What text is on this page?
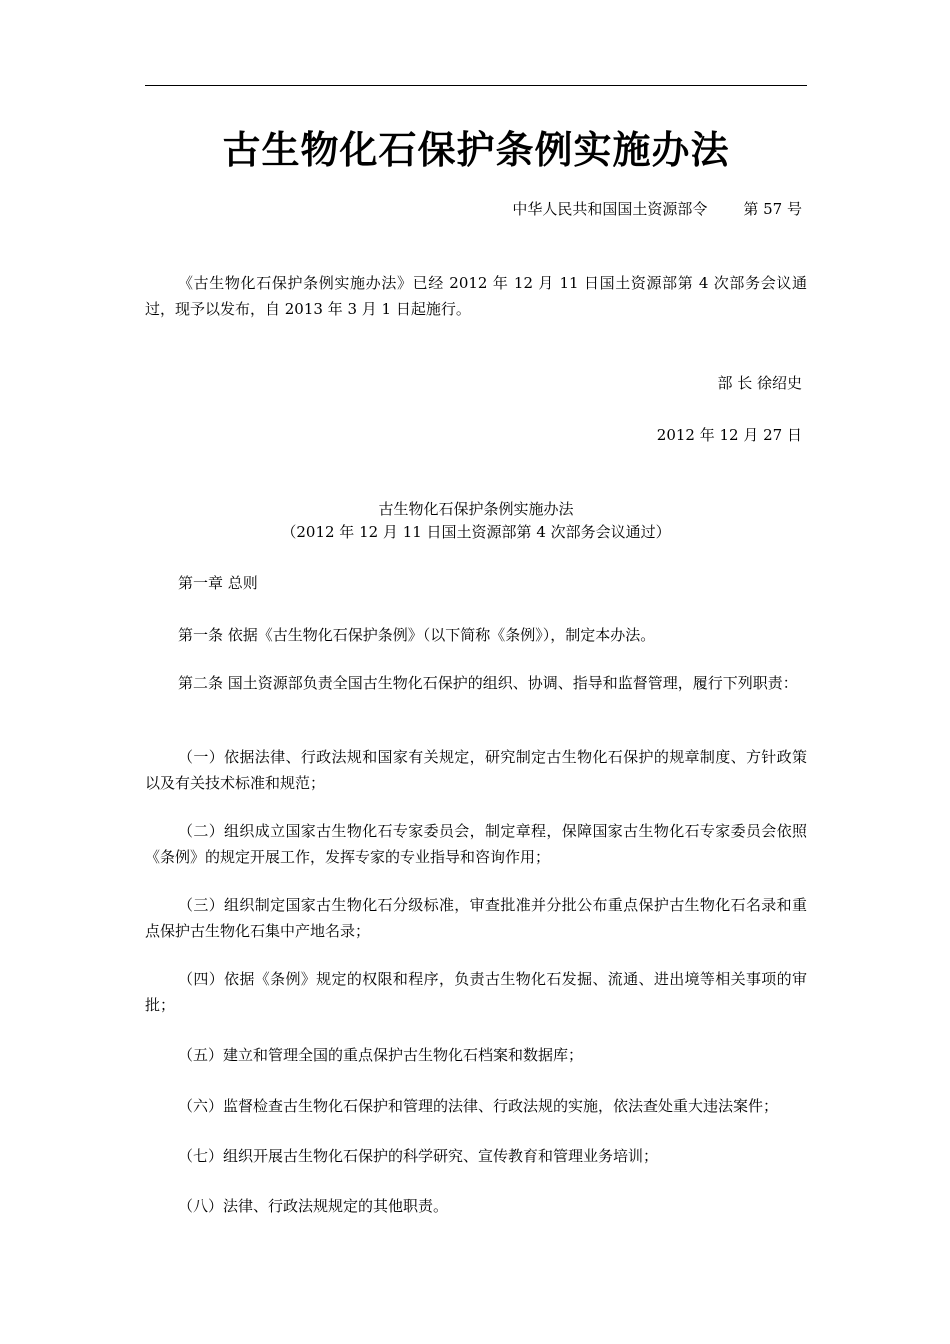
古生物化石保护条例实施办法
中华人民共和国国土资源部令 第 57 号
《古生物化石保护条例实施办法》已经 2012 年 12 月 11 日国土资源部第 4 次部务会议通过，现予以发布，自 2013 年 3 月 1 日起施行。
部 长 徐绍史
2012 年 12 月 27 日
古生物化石保护条例实施办法
（2012 年 12 月 11 日国土资源部第 4 次部务会议通过）
第一章 总则
第一条 依据《古生物化石保护条例》（以下简称《条例》），制定本办法。
第二条 国土资源部负责全国古生物化石保护的组织、协调、指导和监督管理，履行下列职责：
（一）依据法律、行政法规和国家有关规定，研究制定古生物化石保护的规章制度、方针政策以及有关技术标准和规范；
（二）组织成立国家古生物化石专家委员会，制定章程，保障国家古生物化石专家委员会依照《条例》的规定开展工作，发挥专家的专业指导和咨询作用；
（三）组织制定国家古生物化石分级标准，审查批准并分批公布重点保护古生物化石名录和重点保护古生物化石集中产地名录；
（四）依据《条例》规定的权限和程序，负责古生物化石发掘、流通、进出境等相关事项的审批；
（五）建立和管理全国的重点保护古生物化石档案和数据库；
（六）监督检查古生物化石保护和管理的法律、行政法规的实施，依法查处重大违法案件；
（七）组织开展古生物化石保护的科学研究、宣传教育和管理业务培训；
（八）法律、行政法规规定的其他职责。
